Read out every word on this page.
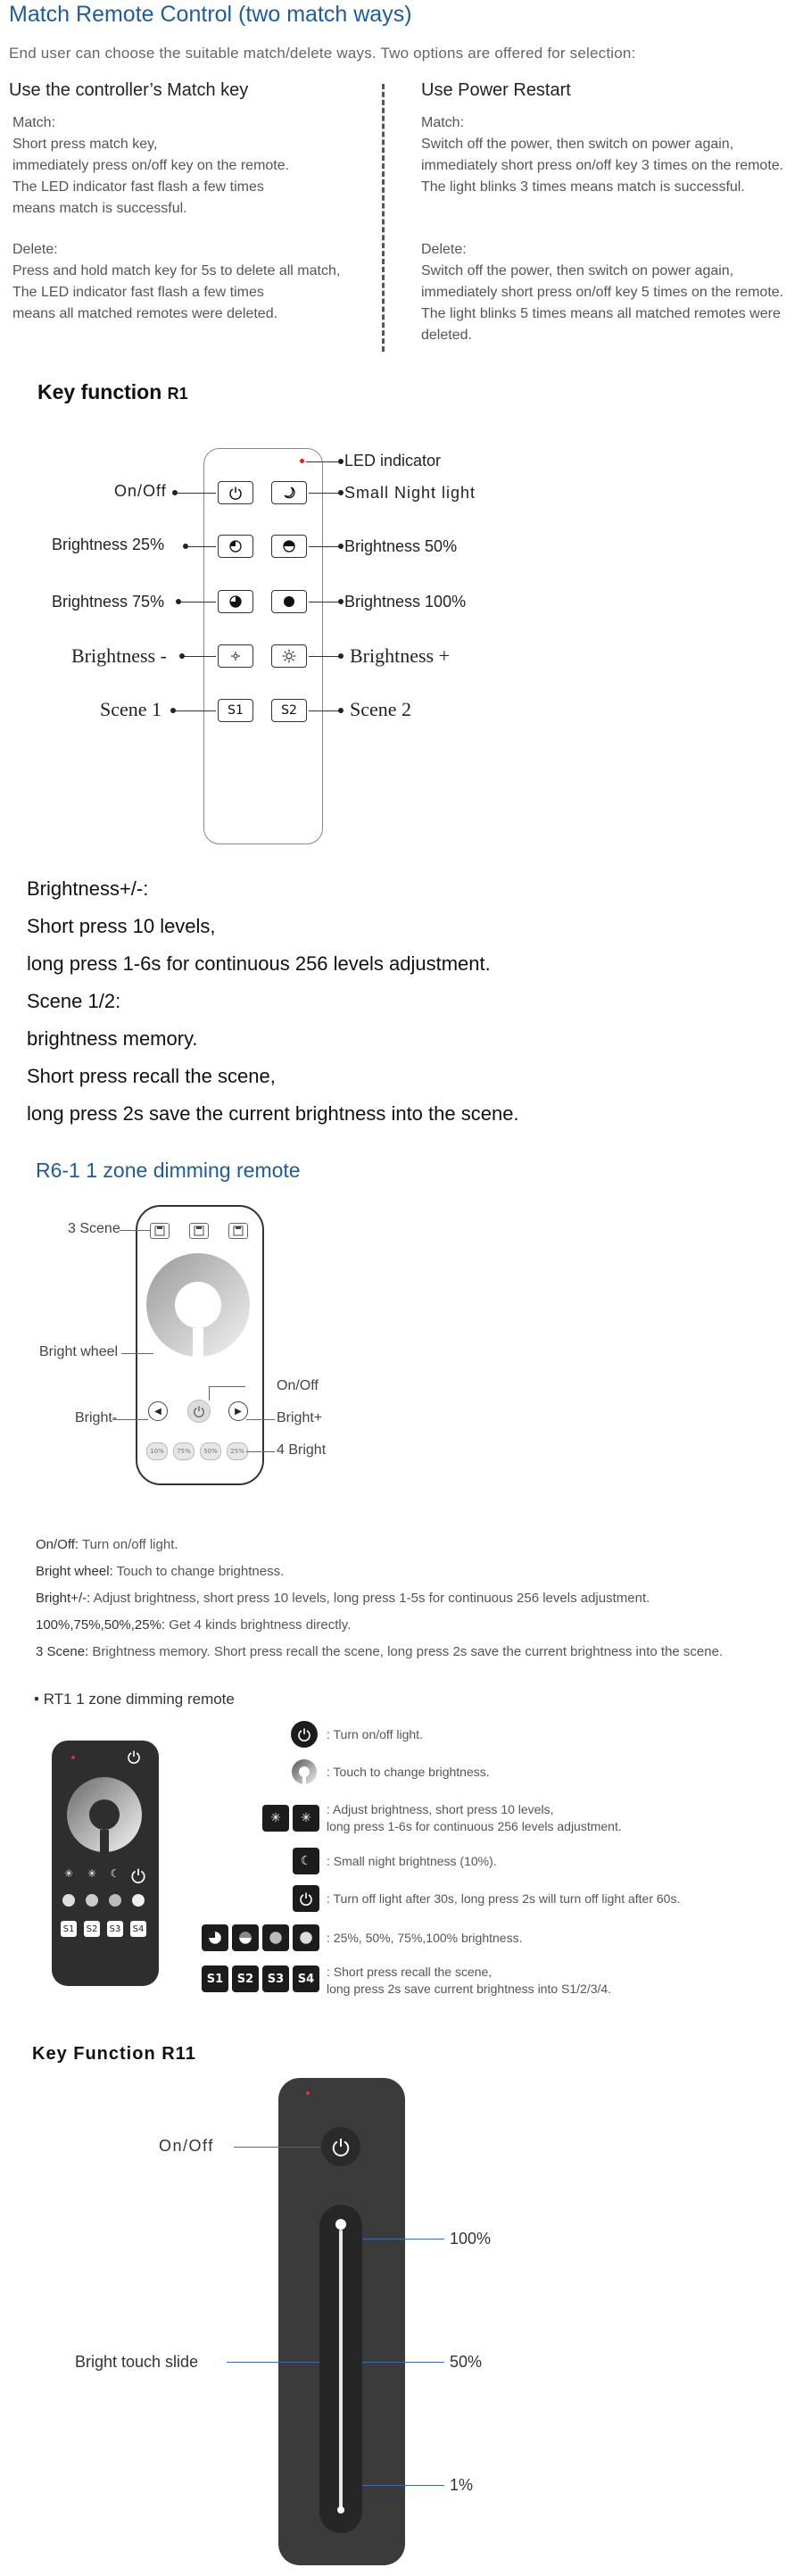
Match Remote Control (two match ways)
End user can choose the suitable match/delete ways. Two options are offered for selection:
Use the controller’s Match key
Match:
Short press match key,
immediately press on/off key on the remote.
The LED indicator fast flash a few times
means match is successful.
Delete:
Press and hold match key for 5s to delete all match,
The LED indicator fast flash a few times
means all matched remotes were deleted.
Use Power Restart
Match:
Switch off the power, then switch on power again,
immediately short press on/off key 3 times on the remote.
The light blinks 3 times means match is successful.
Delete:
Switch off the power, then switch on power again,
immediately short press on/off key 5 times on the remote.
The light blinks 5 times means all matched remotes were
deleted.
Key function R1
S1	S2
LED indicator
On/Off	Small Night light
Brightness 25%	Brightness 50%
Brightness 75%	Brightness 100%
Brightness -	Brightness +
Scene 1	Scene 2
Brightness+/-:
Short press 10 levels,
long press 1-6s for continuous 256 levels adjustment.
Scene 1/2:
brightness memory.
Short press recall the scene,
long press 2s save the current brightness into the scene.
R6-1 1 zone dimming remote
◀	▶
10%	75%	50%	25%
3 Scene
Bright wheel
On/Off
Bright-	Bright+
4 Bright
On/Off: Turn on/off light.
Bright wheel: Touch to change brightness.
Bright+/-: Adjust brightness, short press 10 levels, long press 1-5s for continuous 256 levels adjustment.
100%,75%,50%,25%: Get 4 kinds brightness directly.
3 Scene: Brightness memory. Short press recall the scene, long press 2s save the current brightness into the scene.
• RT1 1 zone dimming remote
✳	✳	☾
S1 S2 S3 S4
✳	✳
☾
S1	S2	S3	S4
: Turn on/off light.
: Touch to change brightness.
: Adjust brightness, short press 10 levels,
long press 1-6s for continuous 256 levels adjustment.
: Small night brightness (10%).
: Turn off light after 30s, long press 2s will turn off light after 60s.
: 25%, 50%, 75%,100% brightness.
: Short press recall the scene,
long press 2s save current brightness into S1/2/3/4.
Key Function R11
On/Off
Bright touch slide
100%
50%
1%
